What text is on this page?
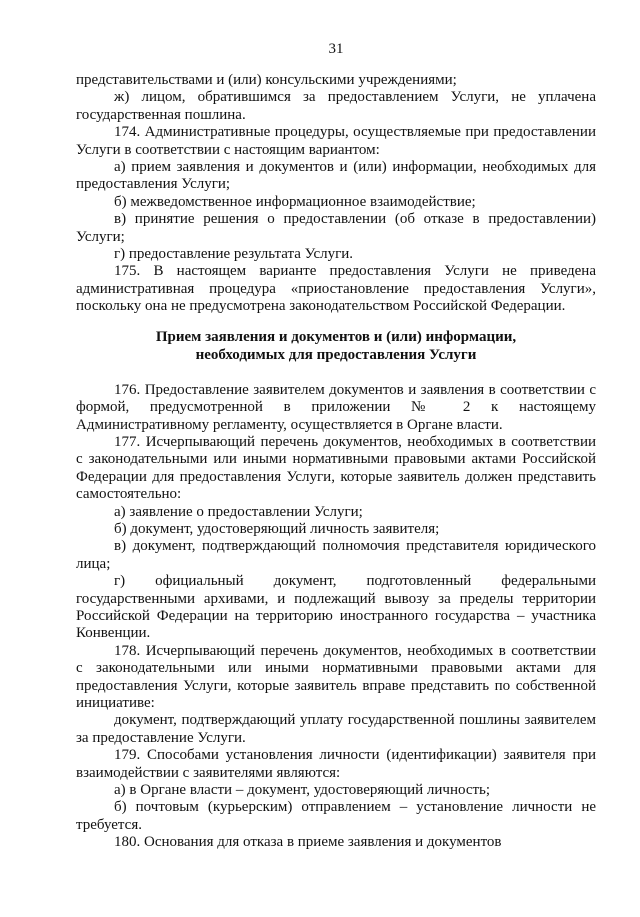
31

представительствами и (или) консульскими учреждениями;

ж) лицом, обратившимся за предоставлением Услуги, не уплачена государственная пошлина.

174. Административные процедуры, осуществляемые при предоставлении Услуги в соответствии с настоящим вариантом:

а) прием заявления и документов и (или) информации, необходимых для предоставления Услуги;

б) межведомственное информационное взаимодействие;

в) принятие решения о предоставлении (об отказе в предоставлении) Услуги;

г) предоставление результата Услуги.

175. В настоящем варианте предоставления Услуги не приведена административная процедура «приостановление предоставления Услуги», поскольку она не предусмотрена законодательством Российской Федерации.

Прием заявления и документов и (или) информации,
необходимых для предоставления Услуги

176. Предоставление заявителем документов и заявления в соответствии с формой, предусмотренной в приложении № 2 к настоящему Административному регламенту, осуществляется в Органе власти.

177. Исчерпывающий перечень документов, необходимых в соответствии с законодательными или иными нормативными правовыми актами Российской Федерации для предоставления Услуги, которые заявитель должен представить самостоятельно:

а) заявление о предоставлении Услуги;

б) документ, удостоверяющий личность заявителя;

в) документ, подтверждающий полномочия представителя юридического лица;

г) официальный документ, подготовленный федеральными государственными архивами, и подлежащий вывозу за пределы территории Российской Федерации на территорию иностранного государства – участника Конвенции.

178. Исчерпывающий перечень документов, необходимых в соответствии с законодательными или иными нормативными правовыми актами для предоставления Услуги, которые заявитель вправе представить по собственной инициативе:

документ, подтверждающий уплату государственной пошлины заявителем за предоставление Услуги.

179. Способами установления личности (идентификации) заявителя при взаимодействии с заявителями являются:

а) в Органе власти – документ, удостоверяющий личность;

б) почтовым (курьерским) отправлением – установление личности не требуется.

180. Основания для отказа в приеме заявления и документов
